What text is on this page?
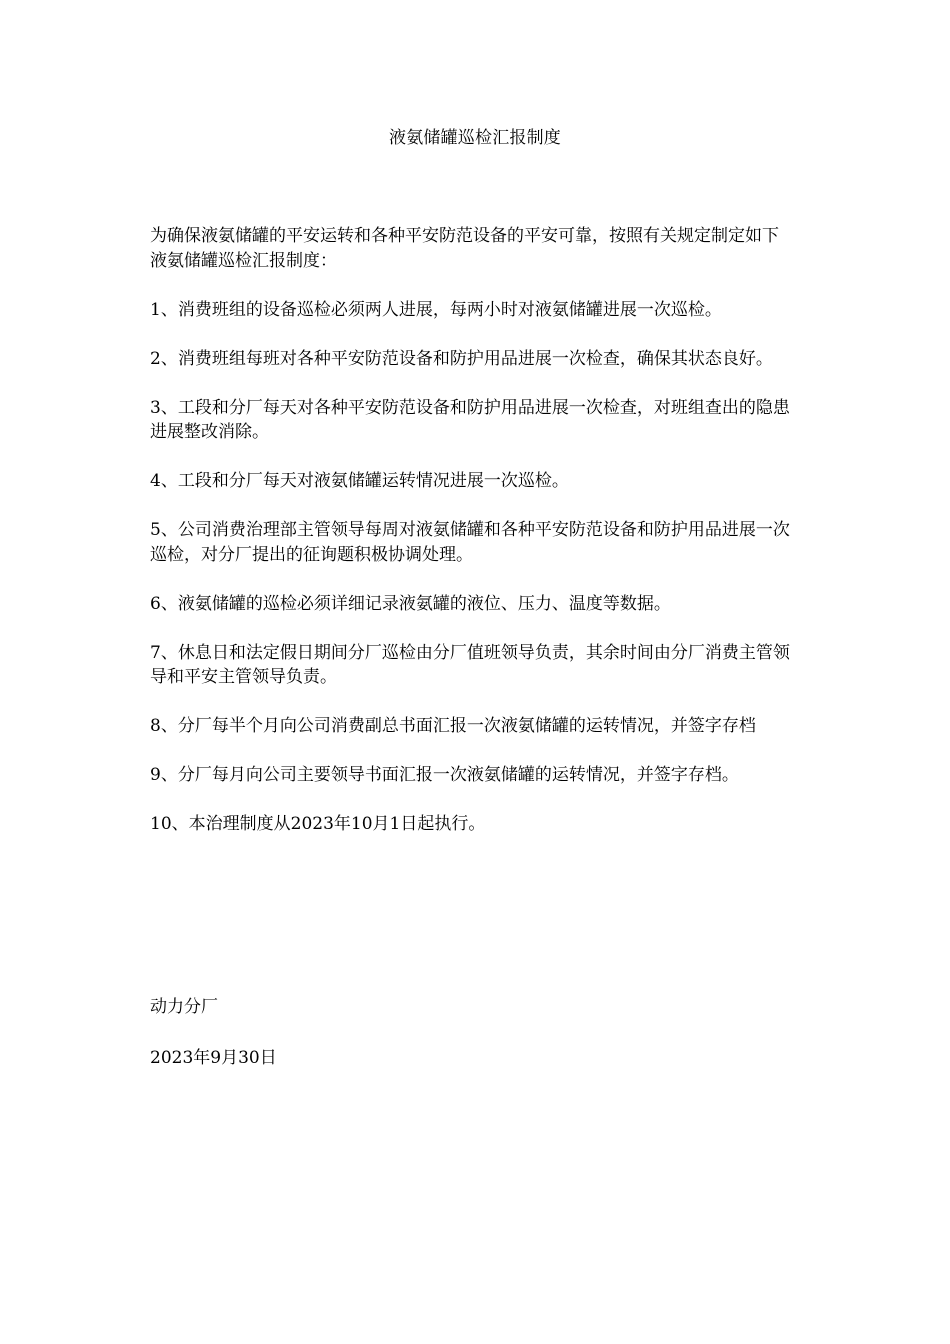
液氨储罐巡检汇报制度

为确保液氨储罐的平安运转和各种平安防范设备的平安可靠，按照有关规定制定如下液氨储罐巡检汇报制度：

1、消费班组的设备巡检必须两人进展，每两小时对液氨储罐进展一次巡检。

2、消费班组每班对各种平安防范设备和防护用品进展一次检查，确保其状态良好。

3、工段和分厂每天对各种平安防范设备和防护用品进展一次检查，对班组查出的隐患进展整改消除。

4、工段和分厂每天对液氨储罐运转情况进展一次巡检。

5、公司消费治理部主管领导每周对液氨储罐和各种平安防范设备和防护用品进展一次巡检，对分厂提出的征询题积极协调处理。

6、液氨储罐的巡检必须详细记录液氨罐的液位、压力、温度等数据。

7、休息日和法定假日期间分厂巡检由分厂值班领导负责，其余时间由分厂消费主管领导和平安主管领导负责。

8、分厂每半个月向公司消费副总书面汇报一次液氨储罐的运转情况，并签字存档

9、分厂每月向公司主要领导书面汇报一次液氨储罐的运转情况，并签字存档。

10、本治理制度从2023年10月1日起执行。

动力分厂
2023年9月30日
